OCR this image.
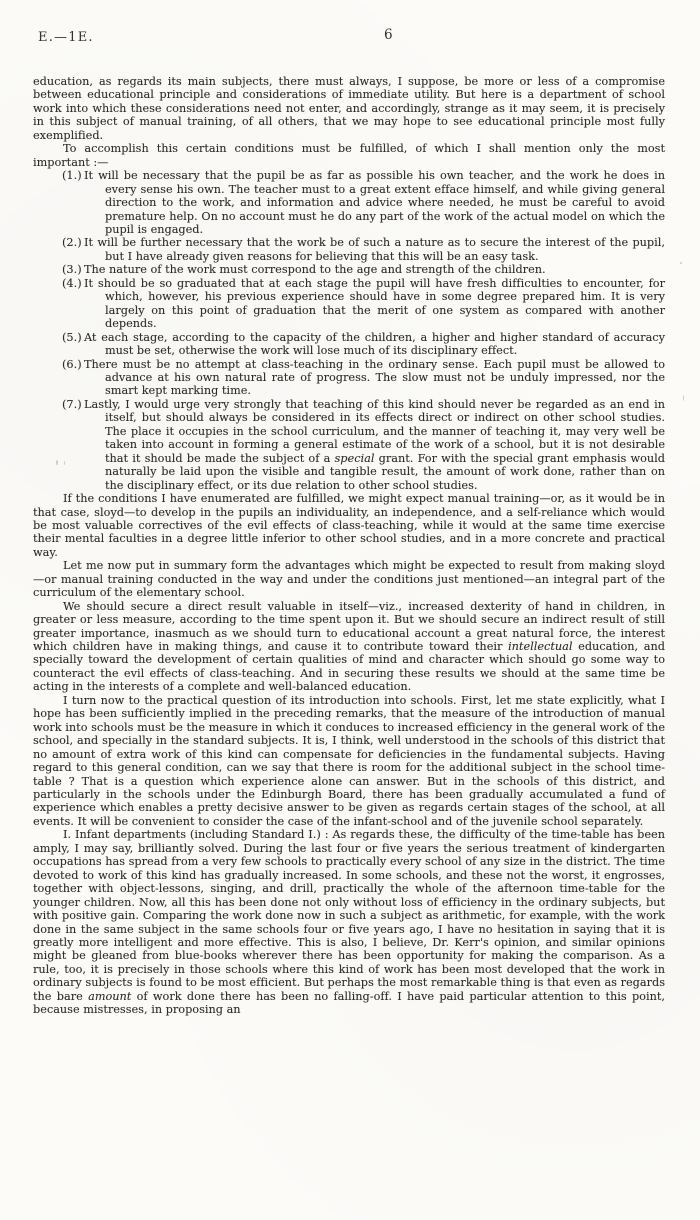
E.—1E.	6

education, as regards its main subjects, there must always, I suppose, be more or less of a compromise between educational principle and considerations of immediate utility. But here is a department of school work into which these considerations need not enter, and accordingly, strange as it may seem, it is precisely in this subject of manual training, of all others, that we may hope to see educational principle most fully exemplified.

To accomplish this certain conditions must be fulfilled, of which I shall mention only the most important :—

(1.) It will be necessary that the pupil be as far as possible his own teacher, and the work he does in every sense his own. The teacher must to a great extent efface himself, and while giving general direction to the work, and information and advice where needed, he must be careful to avoid premature help. On no account must he do any part of the work of the actual model on which the pupil is engaged.

(2.) It will be further necessary that the work be of such a nature as to secure the interest of the pupil, but I have already given reasons for believing that this will be an easy task.

(3.) The nature of the work must correspond to the age and strength of the children.

(4.) It should be so graduated that at each stage the pupil will have fresh difficulties to encounter, for which, however, his previous experience should have in some degree prepared him. It is very largely on this point of graduation that the merit of one system as compared with another depends.

(5.) At each stage, according to the capacity of the children, a higher and higher standard of accuracy must be set, otherwise the work will lose much of its disciplinary effect.

(6.) There must be no attempt at class-teaching in the ordinary sense. Each pupil must be allowed to advance at his own natural rate of progress. The slow must not be unduly impressed, nor the smart kept marking time.

(7.) Lastly, I would urge very strongly that teaching of this kind should never be regarded as an end in itself, but should always be considered in its effects direct or indirect on other school studies. The place it occupies in the school curriculum, and the manner of teaching it, may very well be taken into account in forming a general estimate of the work of a school, but it is not desirable that it should be made the subject of a special grant. For with the special grant emphasis would naturally be laid upon the visible and tangible result, the amount of work done, rather than on the disciplinary effect, or its due relation to other school studies.

If the conditions I have enumerated are fulfilled, we might expect manual training—or, as it would be in that case, sloyd—to develop in the pupils an individuality, an independence, and a self-reliance which would be most valuable correctives of the evil effects of class-teaching, while it would at the same time exercise their mental faculties in a degree little inferior to other school studies, and in a more concrete and practical way.

Let me now put in summary form the advantages which might be expected to result from making sloyd—or manual training conducted in the way and under the conditions just mentioned—an integral part of the curriculum of the elementary school.

We should secure a direct result valuable in itself—viz., increased dexterity of hand in children, in greater or less measure, according to the time spent upon it. But we should secure an indirect result of still greater importance, inasmuch as we should turn to educational account a great natural force, the interest which children have in making things, and cause it to contribute toward their intellectual education, and specially toward the development of certain qualities of mind and character which should go some way to counteract the evil effects of class-teaching. And in securing these results we should at the same time be acting in the interests of a complete and well-balanced education.

I turn now to the practical question of its introduction into schools. First, let me state explicitly, what I hope has been sufficiently implied in the preceding remarks, that the measure of the introduction of manual work into schools must be the measure in which it conduces to increased efficiency in the general work of the school, and specially in the standard subjects. It is, I think, well understood in the schools of this district that no amount of extra work of this kind can compensate for deficiencies in the fundamental subjects. Having regard to this general condition, can we say that there is room for the additional subject in the school time-table ? That is a question which experience alone can answer. But in the schools of this district, and particularly in the schools under the Edinburgh Board, there has been gradually accumulated a fund of experience which enables a pretty decisive answer to be given as regards certain stages of the school, at all events. It will be convenient to consider the case of the infant-school and of the juvenile school separately.

I. Infant departments (including Standard I.) : As regards these, the difficulty of the time-table has been amply, I may say, brilliantly solved. During the last four or five years the serious treatment of kindergarten occupations has spread from a very few schools to practically every school of any size in the district. The time devoted to work of this kind has gradually increased. In some schools, and these not the worst, it engrosses, together with object-lessons, singing, and drill, practically the whole of the afternoon time-table for the younger children. Now, all this has been done not only without loss of efficiency in the ordinary subjects, but with positive gain. Comparing the work done now in such a subject as arithmetic, for example, with the work done in the same subject in the same schools four or five years ago, I have no hesitation in saying that it is greatly more intelligent and more effective. This is also, I believe, Dr. Kerr's opinion, and similar opinions might be gleaned from blue-books wherever there has been opportunity for making the comparison. As a rule, too, it is precisely in those schools where this kind of work has been most developed that the work in ordinary subjects is found to be most efficient. But perhaps the most remarkable thing is that even as regards the bare amount of work done there has been no falling-off. I have paid particular attention to this point, because mistresses, in proposing an
